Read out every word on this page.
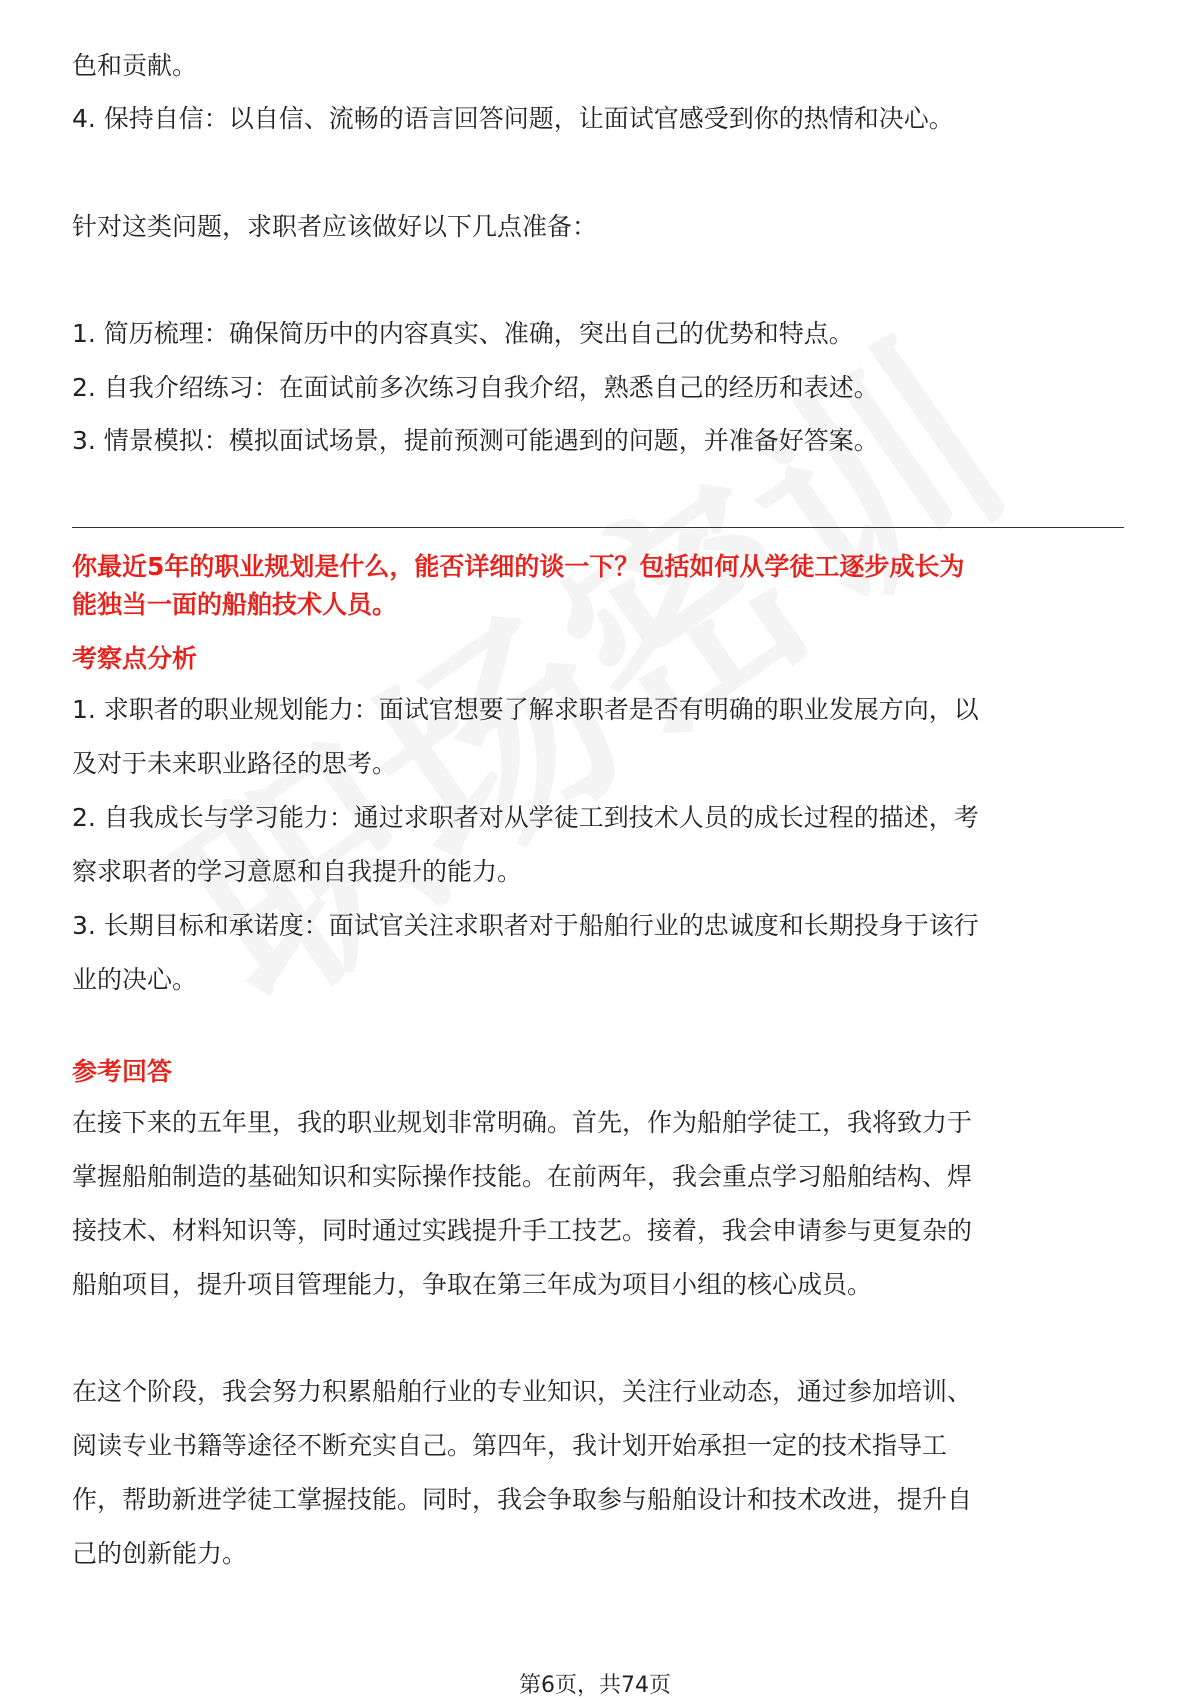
色和贡献。

4. 保持自信：以自信、流畅的语言回答问题，让面试官感受到你的热情和决心。

针对这类问题，求职者应该做好以下几点准备：

1. 简历梳理：确保简历中的内容真实、准确，突出自己的优势和特点。

2. 自我介绍练习：在面试前多次练习自我介绍，熟悉自己的经历和表述。

3. 情景模拟：模拟面试场景，提前预测可能遇到的问题，并准备好答案。

你最近5年的职业规划是什么，能否详细的谈一下？包括如何从学徒工逐步成长为

能独当一面的船舶技术人员。

考察点分析

1. 求职者的职业规划能力：面试官想要了解求职者是否有明确的职业发展方向，以

及对于未来职业路径的思考。

2. 自我成长与学习能力：通过求职者对从学徒工到技术人员的成长过程的描述，考

察求职者的学习意愿和自我提升的能力。

3. 长期目标和承诺度：面试官关注求职者对于船舶行业的忠诚度和长期投身于该行

业的决心。

参考回答

在接下来的五年里，我的职业规划非常明确。首先，作为船舶学徒工，我将致力于

掌握船舶制造的基础知识和实际操作技能。在前两年，我会重点学习船舶结构、焊

接技术、材料知识等，同时通过实践提升手工技艺。接着，我会申请参与更复杂的

船舶项目，提升项目管理能力，争取在第三年成为项目小组的核心成员。

在这个阶段，我会努力积累船舶行业的专业知识，关注行业动态，通过参加培训、

阅读专业书籍等途径不断充实自己。第四年，我计划开始承担一定的技术指导工

作，帮助新进学徒工掌握技能。同时，我会争取参与船舶设计和技术改进，提升自

己的创新能力。

第6页，共74页
